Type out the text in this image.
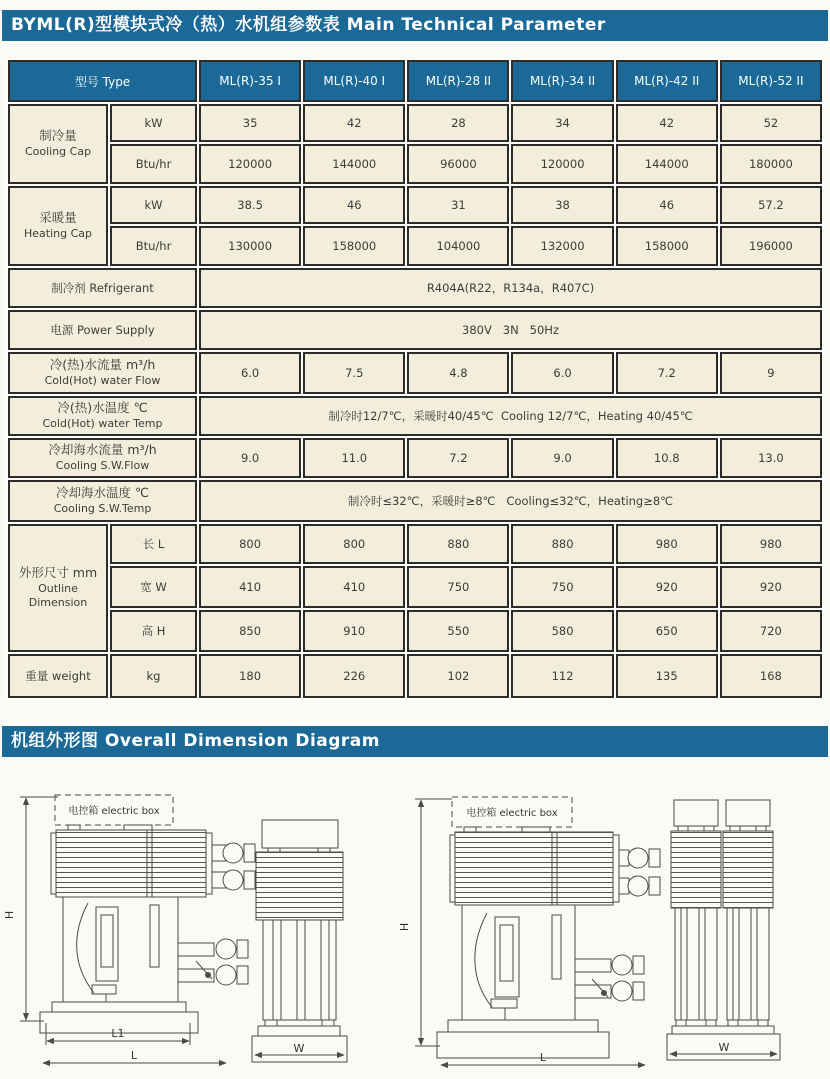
BYML(R)型模块式冷（热）水机组参数表 Main Technical Parameter
型号 Type		ML(R)-35 I	ML(R)-40 I	ML(R)-28 II	ML(R)-34 II	ML(R)-42 II	ML(R)-52 II

制冷量
Cooling Cap	kW	35	42	28	34	42	52
	Btu/hr	120000	144000	96000	120000	144000	180000

采暖量
Heating Cap	kW	38.5	46	31	38	46	57.2
	Btu/hr	130000	158000	104000	132000	158000	196000
制冷剂 Refrigerant		R404A(R22，R134a，R407C)					
电源 Power Supply		380V   3N   50Hz					

冷(热)水流量 m³/h
Cold(Hot) water Flow		6.0	7.5	4.8	6.0	7.2	9

冷(热)水温度 ℃
Cold(Hot) water Temp		制冷时12/7℃，采暖时40/45℃  Cooling 12/7℃，Heating 40/45℃					

冷却海水流量 m³/h
Cooling S.W.Flow		9.0	11.0	7.2	9.0	10.8	13.0

冷却海水温度 ℃
Cooling S.W.Temp		制冷时≤32℃，采暖时≥8℃   Cooling≤32℃，Heating≥8℃					

外形尺寸 mm
Outline Dimension	长 L	800	800	880	880	980	980
	宽 W	410	410	750	750	920	920
	高 H	850	910	550	580	650	720
重量 weight	kg	180	226	102	112	135	168
机组外形图 Overall Dimension Diagram
电控箱 electric box
H
L1
L
W
电控箱 electric box
H
L
W
